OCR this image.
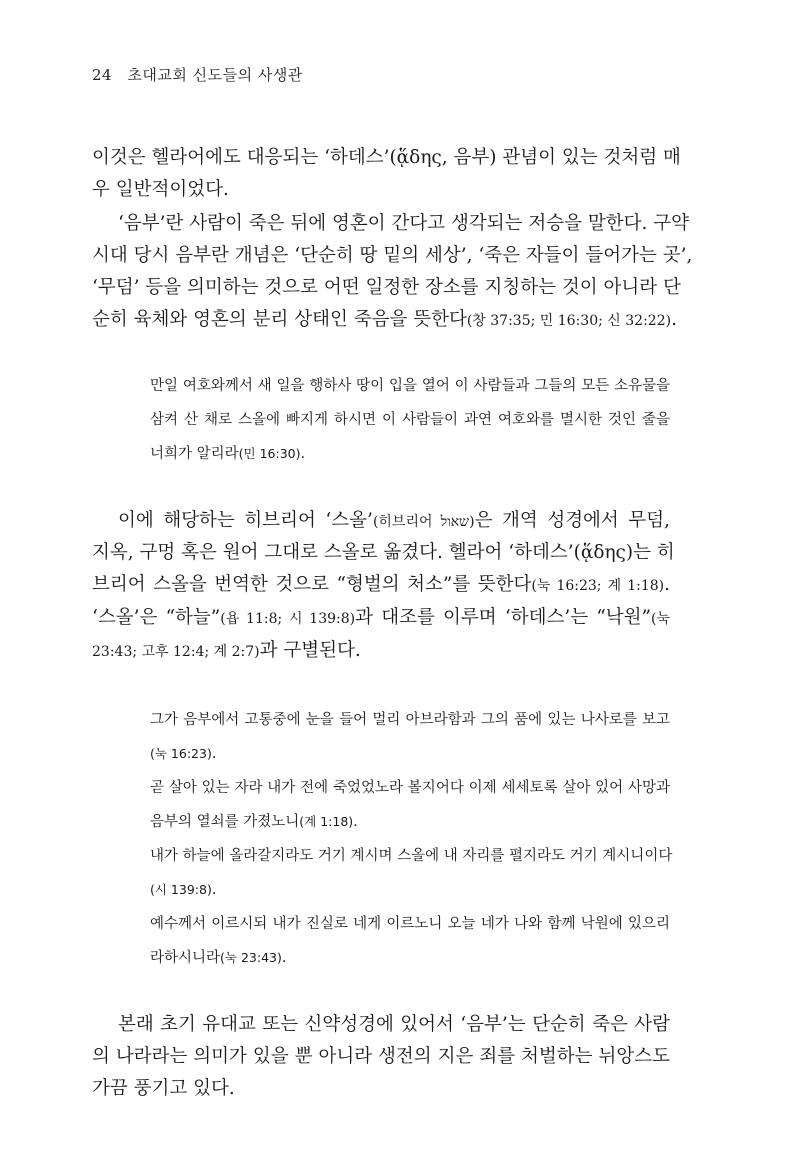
24 초대교회 신도들의 사생관
이것은 헬라어에도 대응되는 ‘하데스’(ᾅδης, 음부) 관념이 있는 것처럼 매
우 일반적이었다.
‘음부’란 사람이 죽은 뒤에 영혼이 간다고 생각되는 저승을 말한다. 구약
시대 당시 음부란 개념은 ‘단순히 땅 밑의 세상’, ‘죽은 자들이 들어가는 곳’,
‘무덤’ 등을 의미하는 것으로 어떤 일정한 장소를 지칭하는 것이 아니라 단
순히 육체와 영혼의 분리 상태인 죽음을 뜻한다(창 37:35; 민 16:30; 신 32:22).
만일 여호와께서 새 일을 행하사 땅이 입을 열어 이 사람들과 그들의 모든 소유물을
삼켜 산 채로 스올에 빠지게 하시면 이 사람들이 과연 여호와를 멸시한 것인 줄을
너희가 알리라(민 16:30).
이에 해당하는 히브리어 ‘스올’(히브리어 שאול)은 개역 성경에서 무덤,
지옥, 구멍 혹은 원어 그대로 스올로 옮겼다. 헬라어 ‘하데스’(ᾅδης)는 히
브리어 스올을 번역한 것으로 “형벌의 처소”를 뜻한다(눅 16:23; 계 1:18).
‘스올’은 “하늘”(욥 11:8; 시 139:8)과 대조를 이루며 ‘하데스’는 “낙원”(눅
23:43; 고후 12:4; 계 2:7)과 구별된다.
그가 음부에서 고통중에 눈을 들어 멀리 아브라함과 그의 품에 있는 나사로를 보고
(눅 16:23).
곧 살아 있는 자라 내가 전에 죽었었노라 볼지어다 이제 세세토록 살아 있어 사망과
음부의 열쇠를 가졌노니(계 1:18).
내가 하늘에 올라갈지라도 거기 계시며 스올에 내 자리를 펼지라도 거기 계시니이다
(시 139:8).
예수께서 이르시되 내가 진실로 네게 이르노니 오늘 네가 나와 함께 낙원에 있으리
라하시니라(눅 23:43).
본래 초기 유대교 또는 신약성경에 있어서 ‘음부’는 단순히 죽은 사람
의 나라라는 의미가 있을 뿐 아니라 생전의 지은 죄를 처벌하는 뉘앙스도
가끔 풍기고 있다.
